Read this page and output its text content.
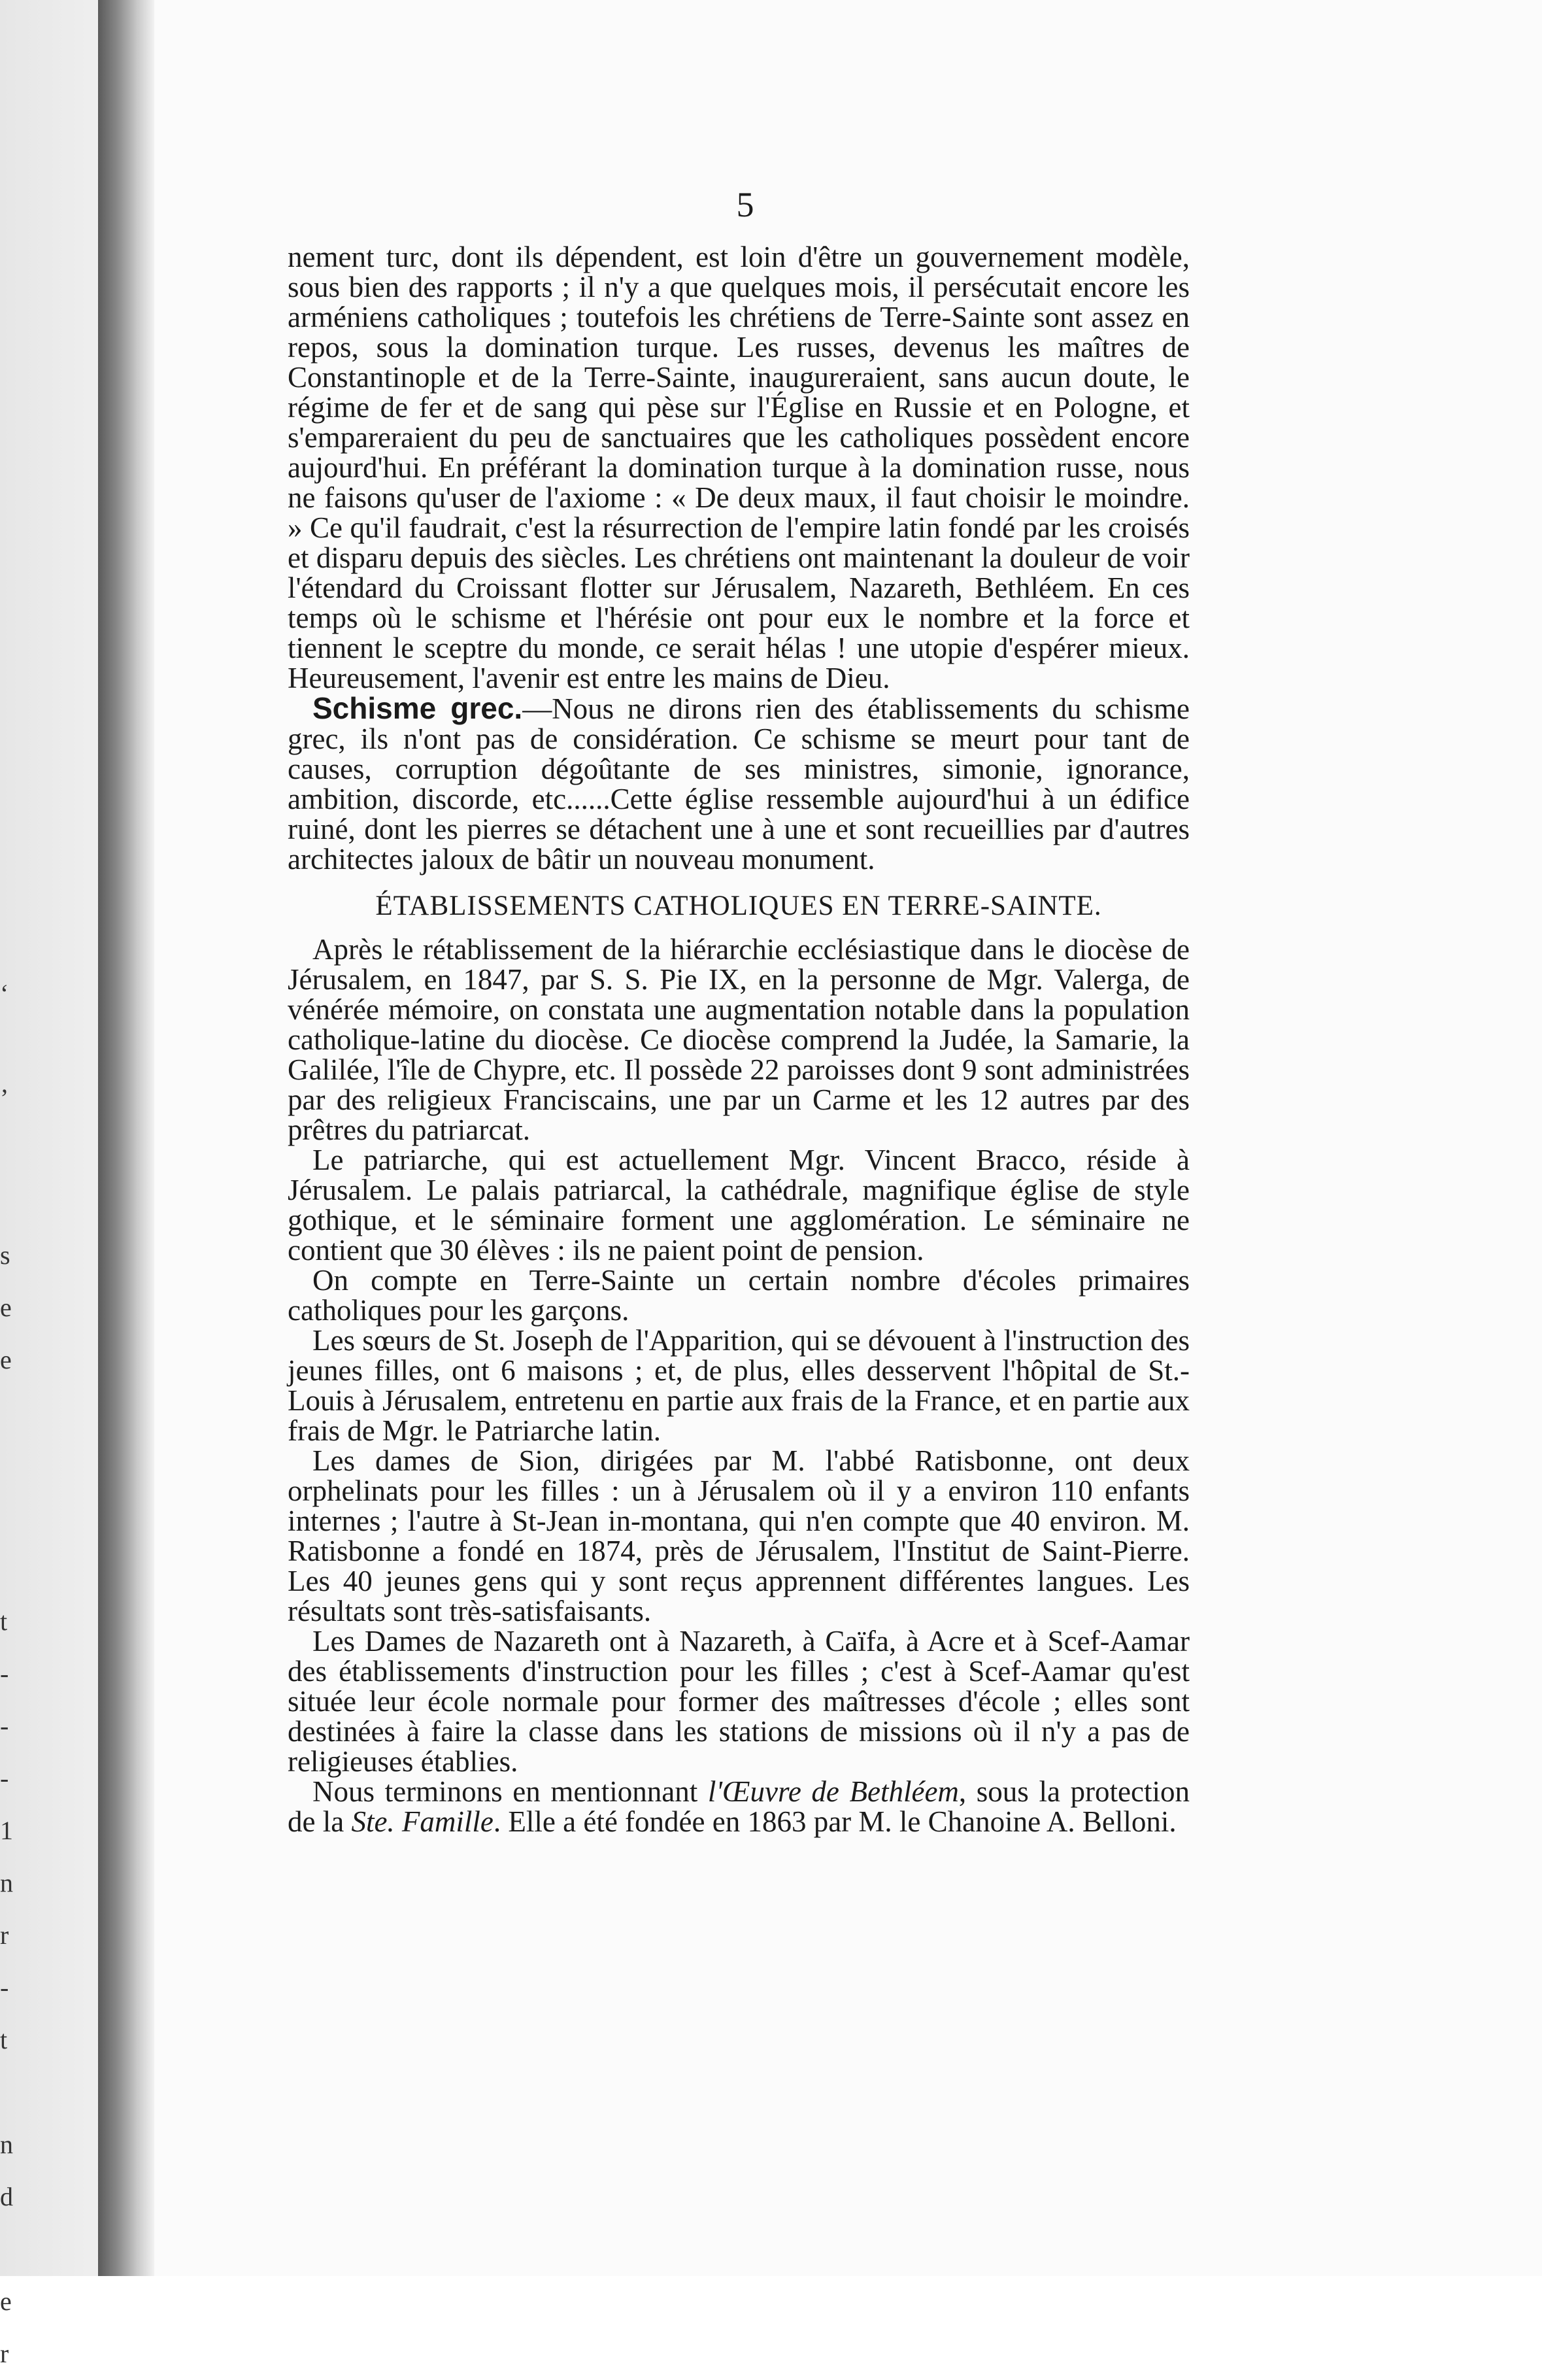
‘
’
s
e
e
t
‐
-
‐
1
n
r
-
t
n
d
e
r
5

nement turc, dont ils dépendent, est loin d'être un gouvernement modèle, sous bien des rapports ; il n'y a que quelques mois, il persécutait encore les arméniens catholiques ; toutefois les chrétiens de Terre-Sainte sont assez en repos, sous la domination turque. Les russes, devenus les maîtres de Constantinople et de la Terre-Sainte, inaugureraient, sans aucun doute, le régime de fer et de sang qui pèse sur l'Église en Russie et en Pologne, et s'empareraient du peu de sanctuaires que les catholiques possèdent encore aujourd'hui. En préférant la domination turque à la domination russe, nous ne faisons qu'user de l'axiome : « De deux maux, il faut choisir le moindre. » Ce qu'il faudrait, c'est la résurrection de l'empire latin fondé par les croisés et disparu depuis des siècles. Les chrétiens ont maintenant la douleur de voir l'étendard du Croissant flotter sur Jérusalem, Nazareth, Bethléem. En ces temps où le schisme et l'hérésie ont pour eux le nombre et la force et tiennent le sceptre du monde, ce serait hélas ! une utopie d'espérer mieux. Heureusement, l'avenir est entre les mains de Dieu.

Schisme grec.—Nous ne dirons rien des établissements du schisme grec, ils n'ont pas de considération. Ce schisme se meurt pour tant de causes, corruption dégoûtante de ses ministres, simonie, ignorance, ambition, discorde, etc......Cette église ressemble aujourd'hui à un édifice ruiné, dont les pierres se détachent une à une et sont recueillies par d'autres architectes jaloux de bâtir un nouveau monument.

ÉTABLISSEMENTS CATHOLIQUES EN TERRE-SAINTE.

Après le rétablissement de la hiérarchie ecclésiastique dans le diocèse de Jérusalem, en 1847, par S. S. Pie IX, en la personne de Mgr. Valerga, de vénérée mémoire, on constata une augmentation notable dans la population catholique-latine du diocèse. Ce diocèse comprend la Judée, la Samarie, la Galilée, l'île de Chypre, etc. Il possède 22 paroisses dont 9 sont administrées par des religieux Franciscains, une par un Carme et les 12 autres par des prêtres du patriarcat.

Le patriarche, qui est actuellement Mgr. Vincent Bracco, réside à Jérusalem. Le palais patriarcal, la cathédrale, magnifique église de style gothique, et le séminaire forment une agglomération. Le séminaire ne contient que 30 élèves : ils ne paient point de pension.

On compte en Terre-Sainte un certain nombre d'écoles primaires catholiques pour les garçons.

Les sœurs de St. Joseph de l'Apparition, qui se dévouent à l'instruction des jeunes filles, ont 6 maisons ; et, de plus, elles desservent l'hôpital de St.-Louis à Jérusalem, entretenu en partie aux frais de la France, et en partie aux frais de Mgr. le Patriarche latin.

Les dames de Sion, dirigées par M. l'abbé Ratisbonne, ont deux orphelinats pour les filles : un à Jérusalem où il y a environ 110 enfants internes ; l'autre à St-Jean in-montana, qui n'en compte que 40 environ. M. Ratisbonne a fondé en 1874, près de Jérusalem, l'Institut de Saint-Pierre. Les 40 jeunes gens qui y sont reçus apprennent différentes langues. Les résultats sont très-satisfaisants.

Les Dames de Nazareth ont à Nazareth, à Caïfa, à Acre et à Scef-Aamar des établissements d'instruction pour les filles ; c'est à Scef-Aamar qu'est située leur école normale pour former des maîtresses d'école ; elles sont destinées à faire la classe dans les stations de missions où il n'y a pas de religieuses établies.

Nous terminons en mentionnant l'Œuvre de Bethléem, sous la protection de la Ste. Famille. Elle a été fondée en 1863 par M. le Chanoine A. Belloni.
